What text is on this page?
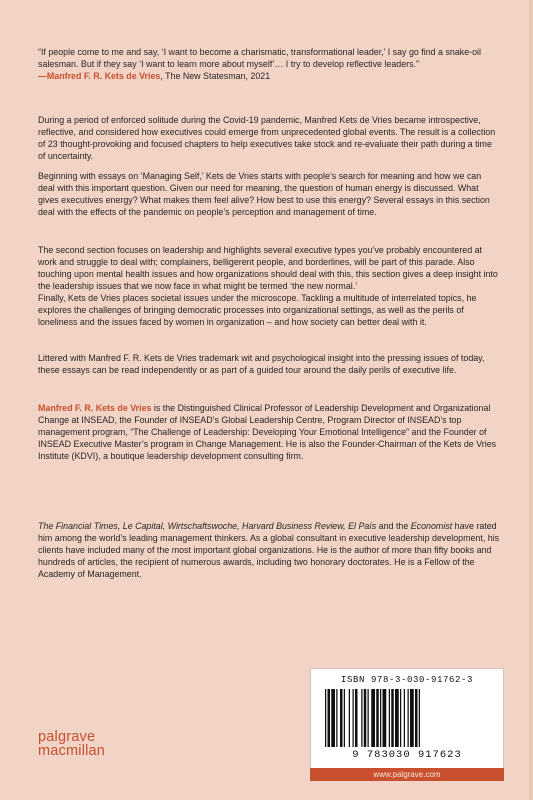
“If people come to me and say, ‘I want to become a charismatic, transformational leader,’ I say go find a snake-oil salesman. But if they say ‘I want to learn more about myself’… I try to develop reflective leaders.”

—Manfred F. R. Kets de Vries, The New Statesman, 2021

During a period of enforced solitude during the Covid-19 pandemic, Manfred Kets de Vries became introspective, reflective, and considered how executives could emerge from unprecedented global events. The result is a collection of 23 thought-provoking and focused chapters to help executives take stock and re-evaluate their path during a time of uncertainty.

Beginning with essays on ‘Managing Self,’ Kets de Vries starts with people’s search for meaning and how we can deal with this important question. Given our need for meaning, the question of human energy is discussed. What gives executives energy? What makes them feel alive? How best to use this energy? Several essays in this section deal with the effects of the pandemic on people’s perception and management of time.

The second section focuses on leadership and highlights several executive types you’ve probably encountered at work and struggle to deal with; complainers, belligerent people, and borderlines, will be part of this parade. Also touching upon mental health issues and how organizations should deal with this, this section gives a deep insight into the leadership issues that we now face in what might be termed ‘the new normal.’

Finally, Kets de Vries places societal issues under the microscope. Tackling a multitude of interrelated topics, he explores the challenges of bringing democratic processes into organizational settings, as well as the perils of loneliness and the issues faced by women in organization – and how society can better deal with it.

Littered with Manfred F. R. Kets de Vries trademark wit and psychological insight into the pressing issues of today, these essays can be read independently or as part of a guided tour around the daily perils of executive life.

Manfred F. R. Kets de Vries is the Distinguished Clinical Professor of Leadership Development and Organizational Change at INSEAD, the Founder of INSEAD’s Global Leadership Centre, Program Director of INSEAD’s top management program, “The Challenge of Leadership: Developing Your Emotional Intelligence” and the Founder of INSEAD Executive Master’s program in Change Management. He is also the Founder-Chairman of the Kets de Vries Institute (KDVI), a boutique leadership development consulting firm.

The Financial Times, Le Capital, Wirtschaftswoche, Harvard Business Review, El País and the Economist have rated him among the world’s leading management thinkers. As a global consultant in executive leadership development, his clients have included many of the most important global organizations. He is the author of more than fifty books and hundreds of articles, the recipient of numerous awards, including two honorary doctorates. He is a Fellow of the Academy of Management.

palgrave
macmillan
ISBN 978-3-030-91762-3
9 783030 917623
www.palgrave.com
